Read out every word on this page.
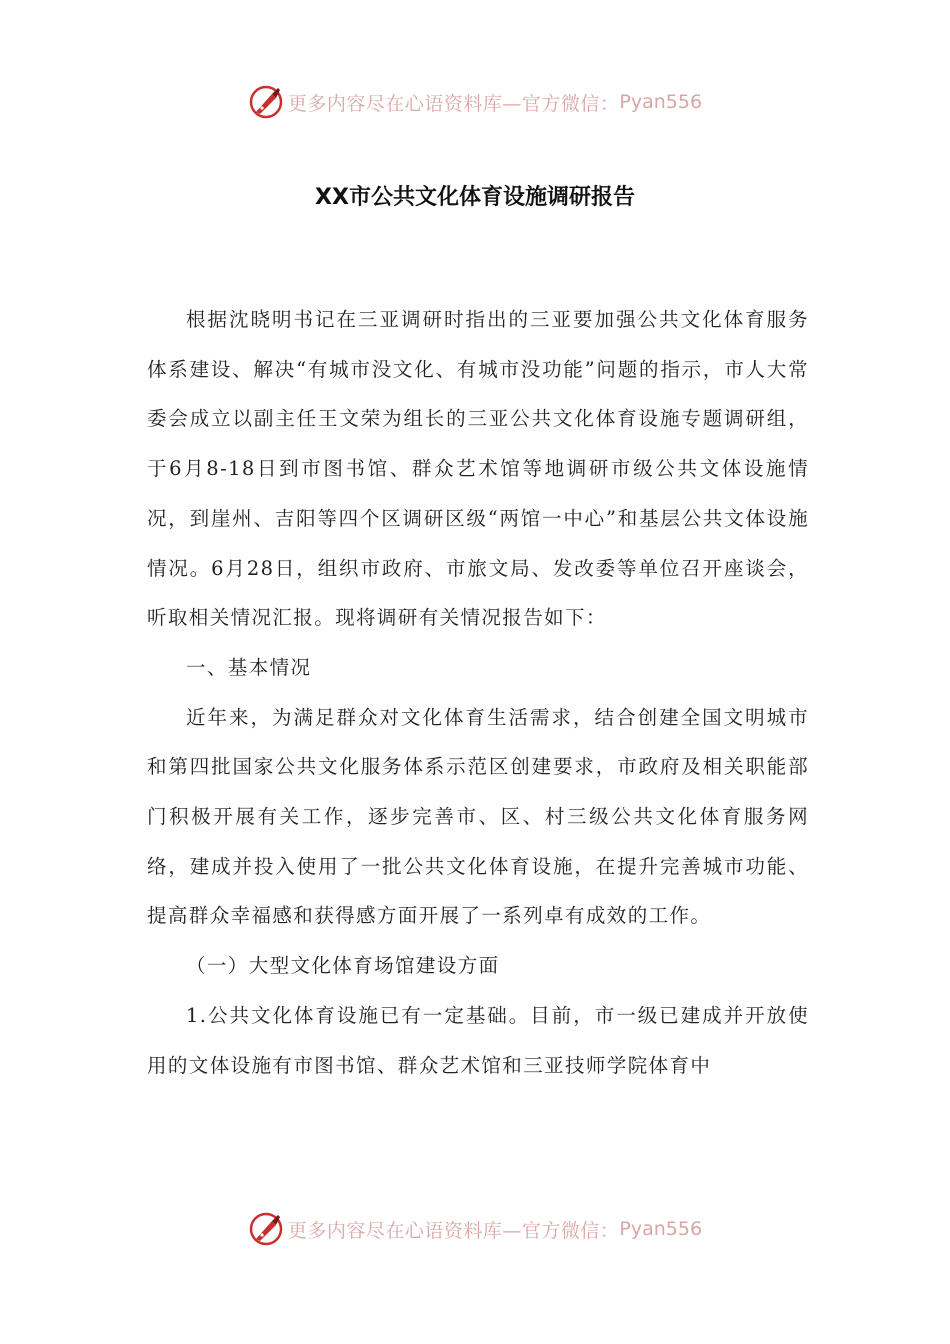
更多内容尽在心语资料库—官方微信： Pyan556
XX市公共文化体育设施调研报告

根据沈晓明书记在三亚调研时指出的三亚要加强公共文化体育服务体系建设、解决“有城市没文化、有城市没功能”问题的指示，市人大常委会成立以副主任王文荣为组长的三亚公共文化体育设施专题调研组，于6月8-18日到市图书馆、群众艺术馆等地调研市级公共文体设施情况，到崖州、吉阳等四个区调研区级“两馆一中心”和基层公共文体设施情况。6月28日，组织市政府、市旅文局、发改委等单位召开座谈会，听取相关情况汇报。现将调研有关情况报告如下：

一、基本情况

近年来，为满足群众对文化体育生活需求，结合创建全国文明城市和第四批国家公共文化服务体系示范区创建要求，市政府及相关职能部门积极开展有关工作，逐步完善市、区、村三级公共文化体育服务网络，建成并投入使用了一批公共文化体育设施，在提升完善城市功能、提高群众幸福感和获得感方面开展了一系列卓有成效的工作。

（一）大型文化体育场馆建设方面

1.公共文化体育设施已有一定基础。目前，市一级已建成并开放使用的文体设施有市图书馆、群众艺术馆和三亚技师学院体育中

更多内容尽在心语资料库—官方微信： Pyan556
